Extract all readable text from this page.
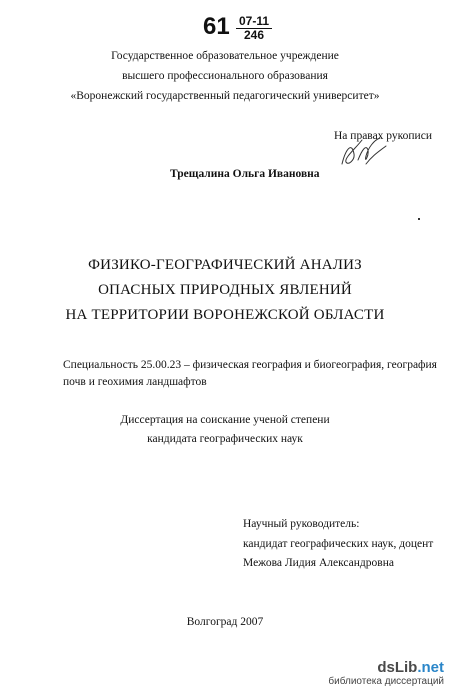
$61 \frac{07-11}{246}$
Государственное образовательное учреждение
высшего профессионального образования
«Воронежский государственный педагогический университет»
На правах рукописи
Трещалина Ольга Ивановна
ФИЗИКО-ГЕОГРАФИЧЕСКИЙ АНАЛИЗ
ОПАСНЫХ ПРИРОДНЫХ ЯВЛЕНИЙ
НА ТЕРРИТОРИИ ВОРОНЕЖСКОЙ ОБЛАСТИ
Специальность 25.00.23 – физическая география и биогеография, география
почв и геохимия ландшафтов
Диссертация на соискание ученой степени
кандидата географических наук
Научный руководитель:
кандидат географических наук, доцент
Межова Лидия Александровна
Волгоград 2007
dsLib.net
библиотека диссертаций
